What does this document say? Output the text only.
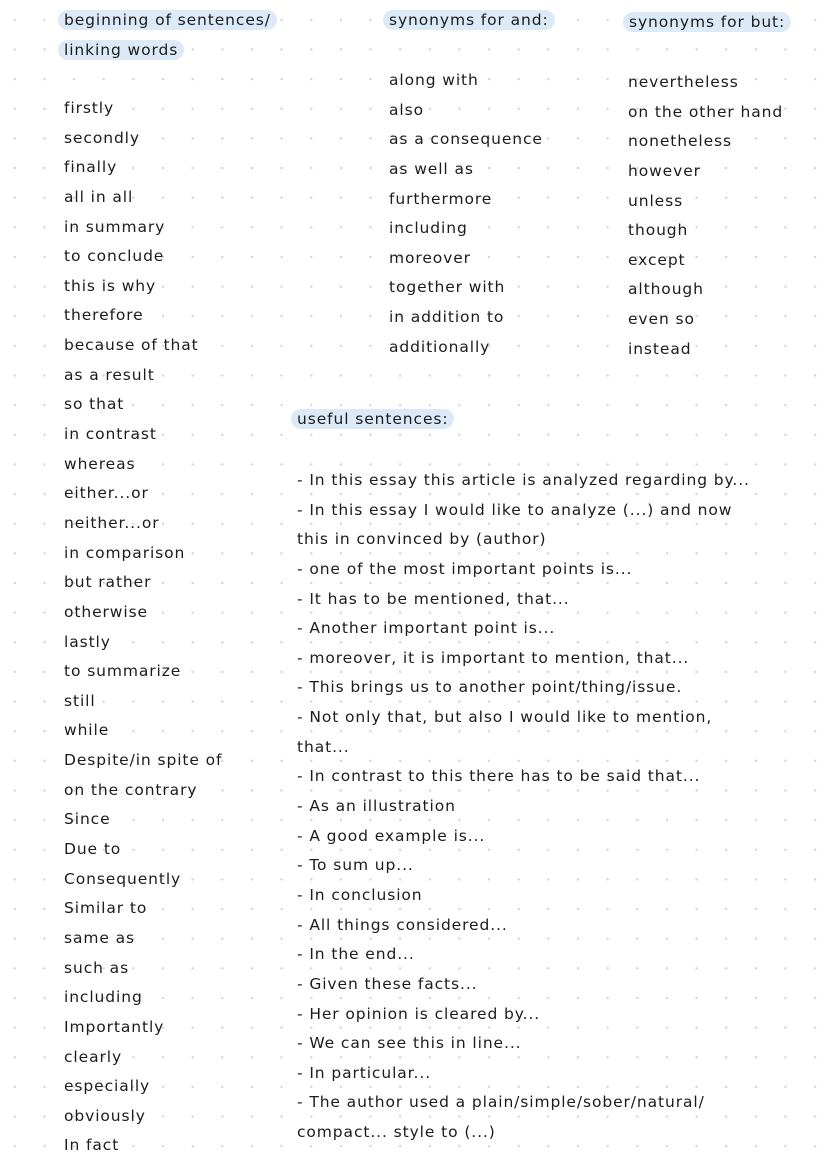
beginning of sentences/
linking words
firstly
secondly
finally
all in all
in summary
to conclude
this is why
therefore
because of that
as a result
so that
in contrast
whereas
either...or
neither...or
in comparison
but rather
otherwise
lastly
to summarize
still
while
Despite/in spite of
on the contrary
Since
Due to
Consequently
Similar to
same as
such as
including
Importantly
clearly
especially
obviously
In fact
synonyms for and:
along with
also
as a consequence
as well as
furthermore
including
moreover
together with
in addition to
additionally
synonyms for but:
nevertheless
on the other hand
nonetheless
however
unless
though
except
although
even so
instead
useful sentences:
- In this essay this article is analyzed regarding by...
- In this essay I would like to analyze (...) and now
this in convinced by (author)
- one of the most important points is...
- It has to be mentioned, that...
- Another important point is...
- moreover, it is important to mention, that...
- This brings us to another point/thing/issue.
- Not only that, but also I would like to mention,
that...
- In contrast to this there has to be said that...
- As an illustration
- A good example is...
- To sum up...
- In conclusion
- All things considered...
- In the end...
- Given these facts...
- Her opinion is cleared by...
- We can see this in line...
- In particular...
- The author used a plain/simple/sober/natural/
compact... style to (...)
